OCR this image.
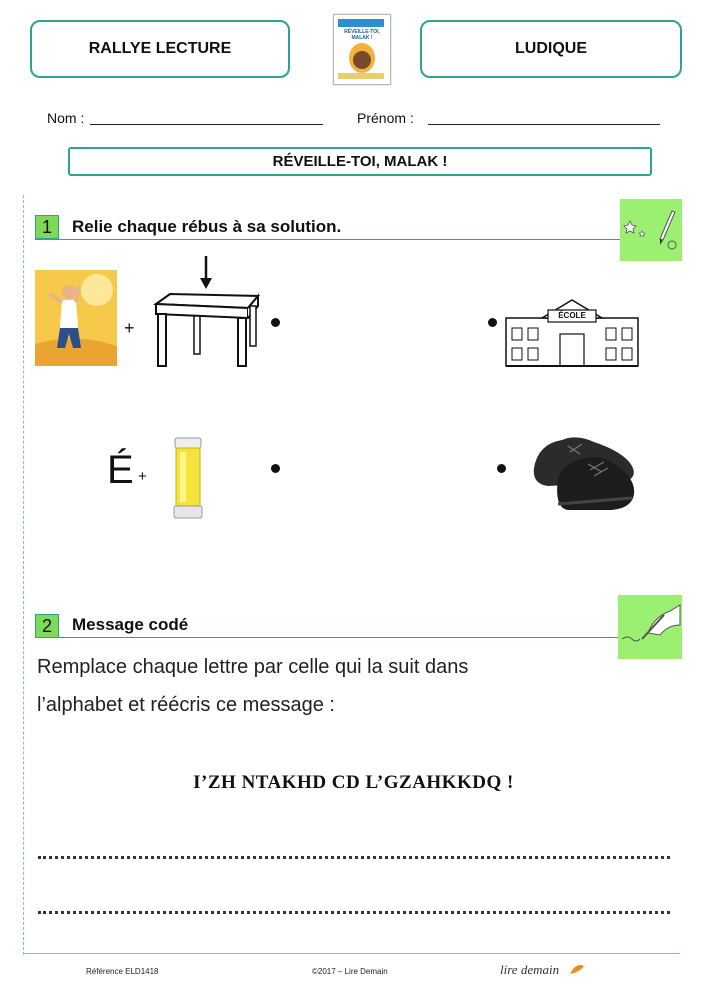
RALLYE LECTURE	LUDIQUE
RÉVEILLE-TOI, MALAK !
Nom :	Prénom :
RÉVEILLE-TOI, MALAK !
1	Relie chaque rébus à sa solution.
+
ÉCOLE
É +
2	Message codé
Remplace chaque lettre par celle qui la suit dans
l’alphabet et réécris ce message :
I’ZH NTAKHD CD L’GZAHKKDQ !
Référence ELD1418	©2017 – Lire Demain	lire demain
